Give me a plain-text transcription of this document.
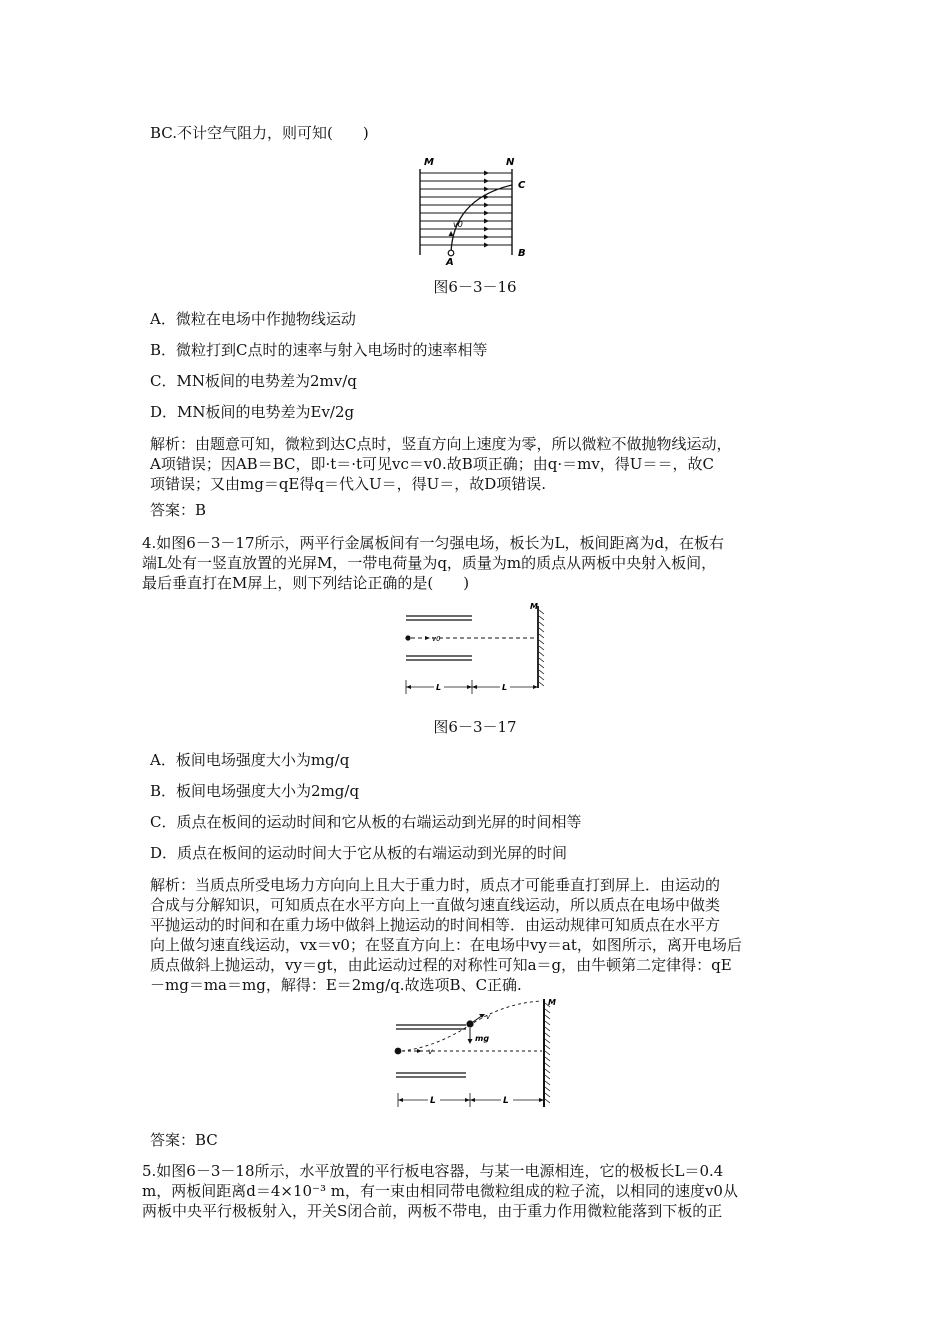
BC.不计空气阻力，则可知(　　)
M	N
C
B
A
v0
图6－3－16
A．微粒在电场中作抛物线运动
B．微粒打到C点时的速率与射入电场时的速率相等
C．MN板间的电势差为2mv/q
D．MN板间的电势差为Ev/2g
解析：由题意可知，微粒到达C点时，竖直方向上速度为零，所以微粒不做抛物线运动，
A项错误；因AB＝BC，即·t＝·t可见vc＝v0.故B项正确；由q·＝mv，得U＝＝，故C
项错误；又由mg＝qE得q＝代入U＝，得U＝，故D项错误.
答案：B
4.如图6－3－17所示，两平行金属板间有一匀强电场，板长为L，板间距离为d，在板右
端L处有一竖直放置的光屏M，一带电荷量为q，质量为m的质点从两板中央射入板间，
最后垂直打在M屏上，则下列结论正确的是(　　)
v0
M
L	L
图6－3－17
A．板间电场强度大小为mg/q
B．板间电场强度大小为2mg/q
C．质点在板间的运动时间和它从板的右端运动到光屏的时间相等
D．质点在板间的运动时间大于它从板的右端运动到光屏的时间
解析：当质点所受电场力方向向上且大于重力时，质点才可能垂直打到屏上．由运动的
合成与分解知识，可知质点在水平方向上一直做匀速直线运动，所以质点在电场中做类
平抛运动的时间和在重力场中做斜上抛运动的时间相等．由运动规律可知质点在水平方
向上做匀速直线运动，vx＝v0；在竖直方向上：在电场中vy＝at，如图所示，离开电场后
质点做斜上抛运动，vy＝gt，由此运动过程的对称性可知a＝g，由牛顿第二定律得：qE
－mg＝ma＝mg，解得：E＝2mg/q.故选项B、C正确.
v
v
mg
M
L	L
答案：BC
5.如图6－3－18所示，水平放置的平行板电容器，与某一电源相连，它的极板长L＝0.4
m，两板间距离d＝4×10⁻³ m，有一束由相同带电微粒组成的粒子流，以相同的速度v0从
两板中央平行极板射入，开关S闭合前，两板不带电，由于重力作用微粒能落到下板的正
